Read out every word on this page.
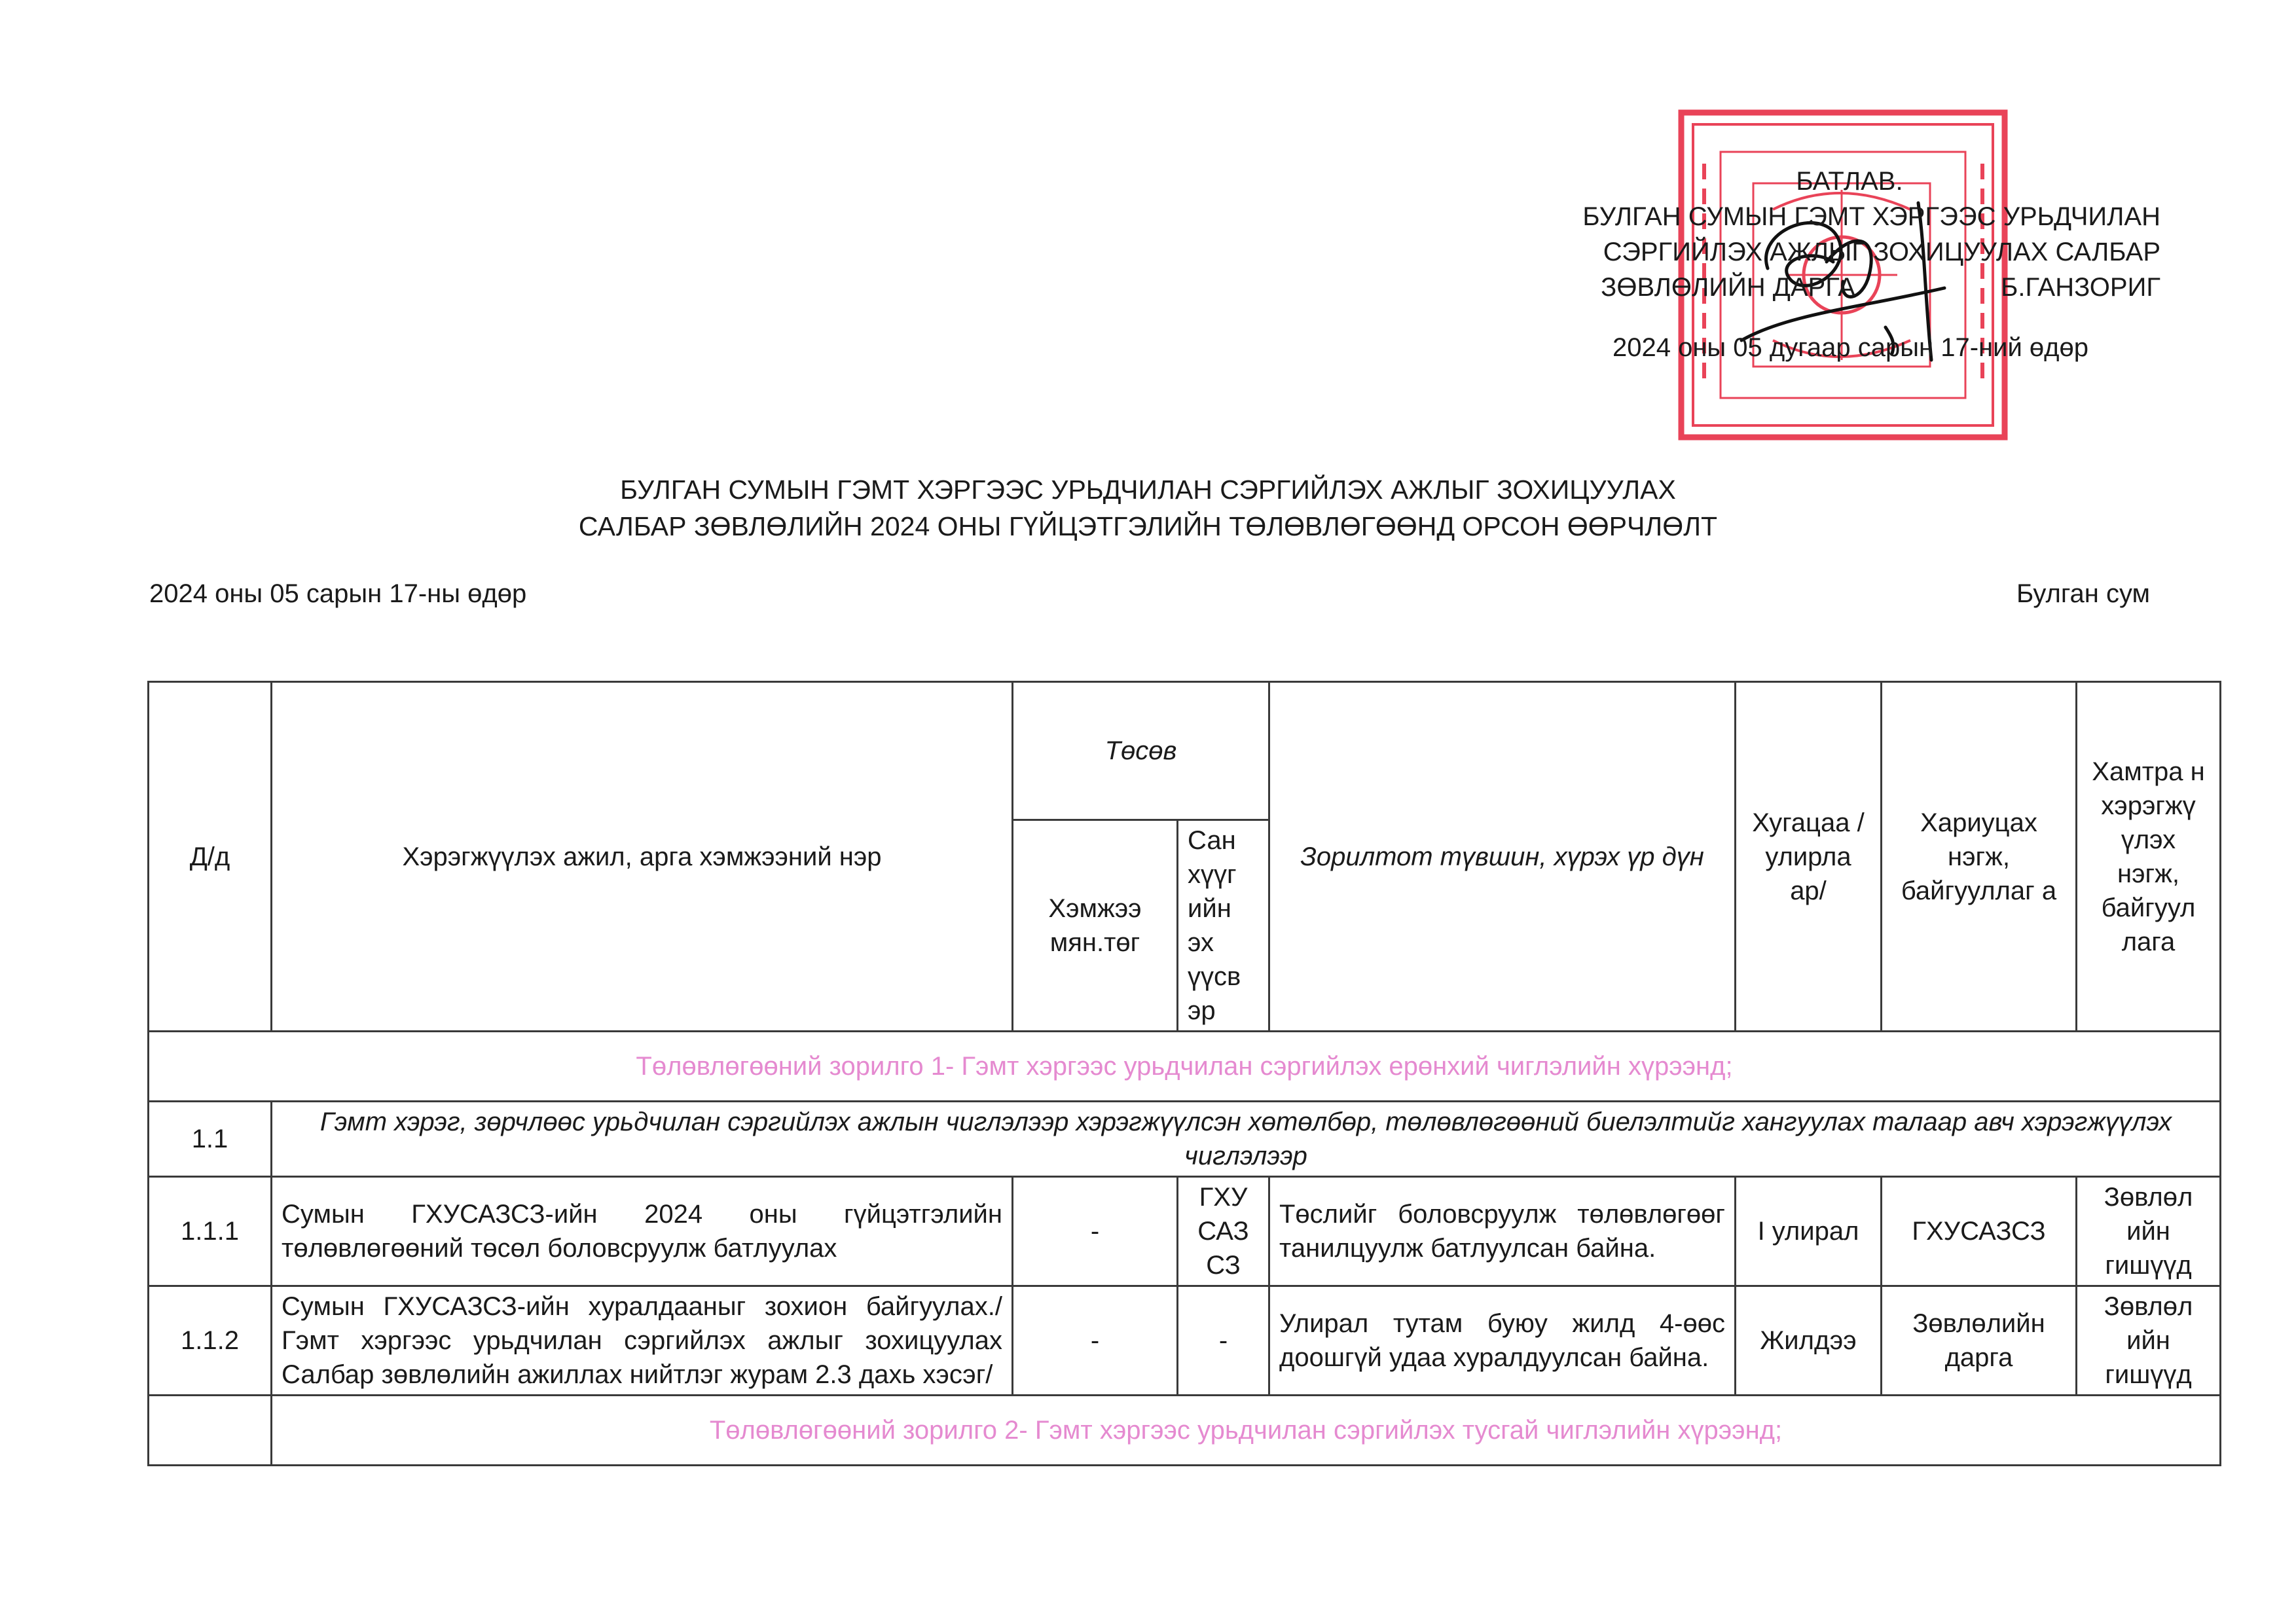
БАТЛАВ.
БУЛГАН СУМЫН ГЭМТ ХЭРГЭЭС УРЬДЧИЛАН
СЭРГИЙЛЭХ АЖЛЫГ ЗОХИЦУУЛАХ САЛБАР
ЗӨВЛӨЛИЙН ДАРГА                    Б.ГАНЗОРИГ
2024 оны 05 дугаар сарын 17-ний өдөр
БУЛГАН СУМЫН ГЭМТ ХЭРГЭЭС УРЬДЧИЛАН СЭРГИЙЛЭХ АЖЛЫГ ЗОХИЦУУЛАХ
САЛБАР ЗӨВЛӨЛИЙН 2024 ОНЫ ГҮЙЦЭТГЭЛИЙН ТӨЛӨВЛӨГӨӨНД ОРСОН ӨӨРЧЛӨЛТ
2024 оны 05 сарын 17-ны өдөр	Булган сум
Д/д	Хэрэгжүүлэх ажил, арга хэмжээний нэр	Төсөв		Зорилтот түвшин, хүрэх үр дүн	Хугацаа /улирла ар/	Хариуцах нэгж, байгууллаг а	Хамтра н хэрэгжү үлэх нэгж, байгуул лага
		Хэмжээ мян.төг	Сан хүүг ийн эх үүсв эр				
Төлөвлөгөөний зорилго 1- Гэмт хэргээс урьдчилан сэргийлэх ерөнхий чиглэлийн хүрээнд;							
1.1	Гэмт хэрэг, зөрчлөөс урьдчилан сэргийлэх ажлын чиглэлээр хэрэгжүүлсэн хөтөлбөр, төлөвлөгөөний биелэлтийг хангуулах талаар авч хэрэгжүүлэх чиглэлээр						
1.1.1	Сумын ГХУСАЗСЗ-ийн 2024 оны гүйцэтгэлийн төлөвлөгөөний төсөл боловсруулж батлуулах	-	ГХУ САЗ СЗ	Төслийг боловсруулж төлөвлөгөөг танилцуулж батлуулсан байна.	I улирал	ГХУСАЗСЗ	Зөвлөл ийн гишүүд
1.1.2	Сумын ГХУСАЗСЗ-ийн хуралдааныг зохион байгуулах./Гэмт хэргээс урьдчилан сэргийлэх ажлыг зохицуулах Салбар зөвлөлийн ажиллах нийтлэг журам 2.3 дахь хэсэг/	-	-	Улирал тутам буюу жилд 4-өөс доошгүй удаа хуралдуулсан байна.	Жилдээ	Зөвлөлийн дарга	Зөвлөл ийн гишүүд
	Төлөвлөгөөний зорилго 2- Гэмт хэргээс урьдчилан сэргийлэх тусгай чиглэлийн хүрээнд;						
